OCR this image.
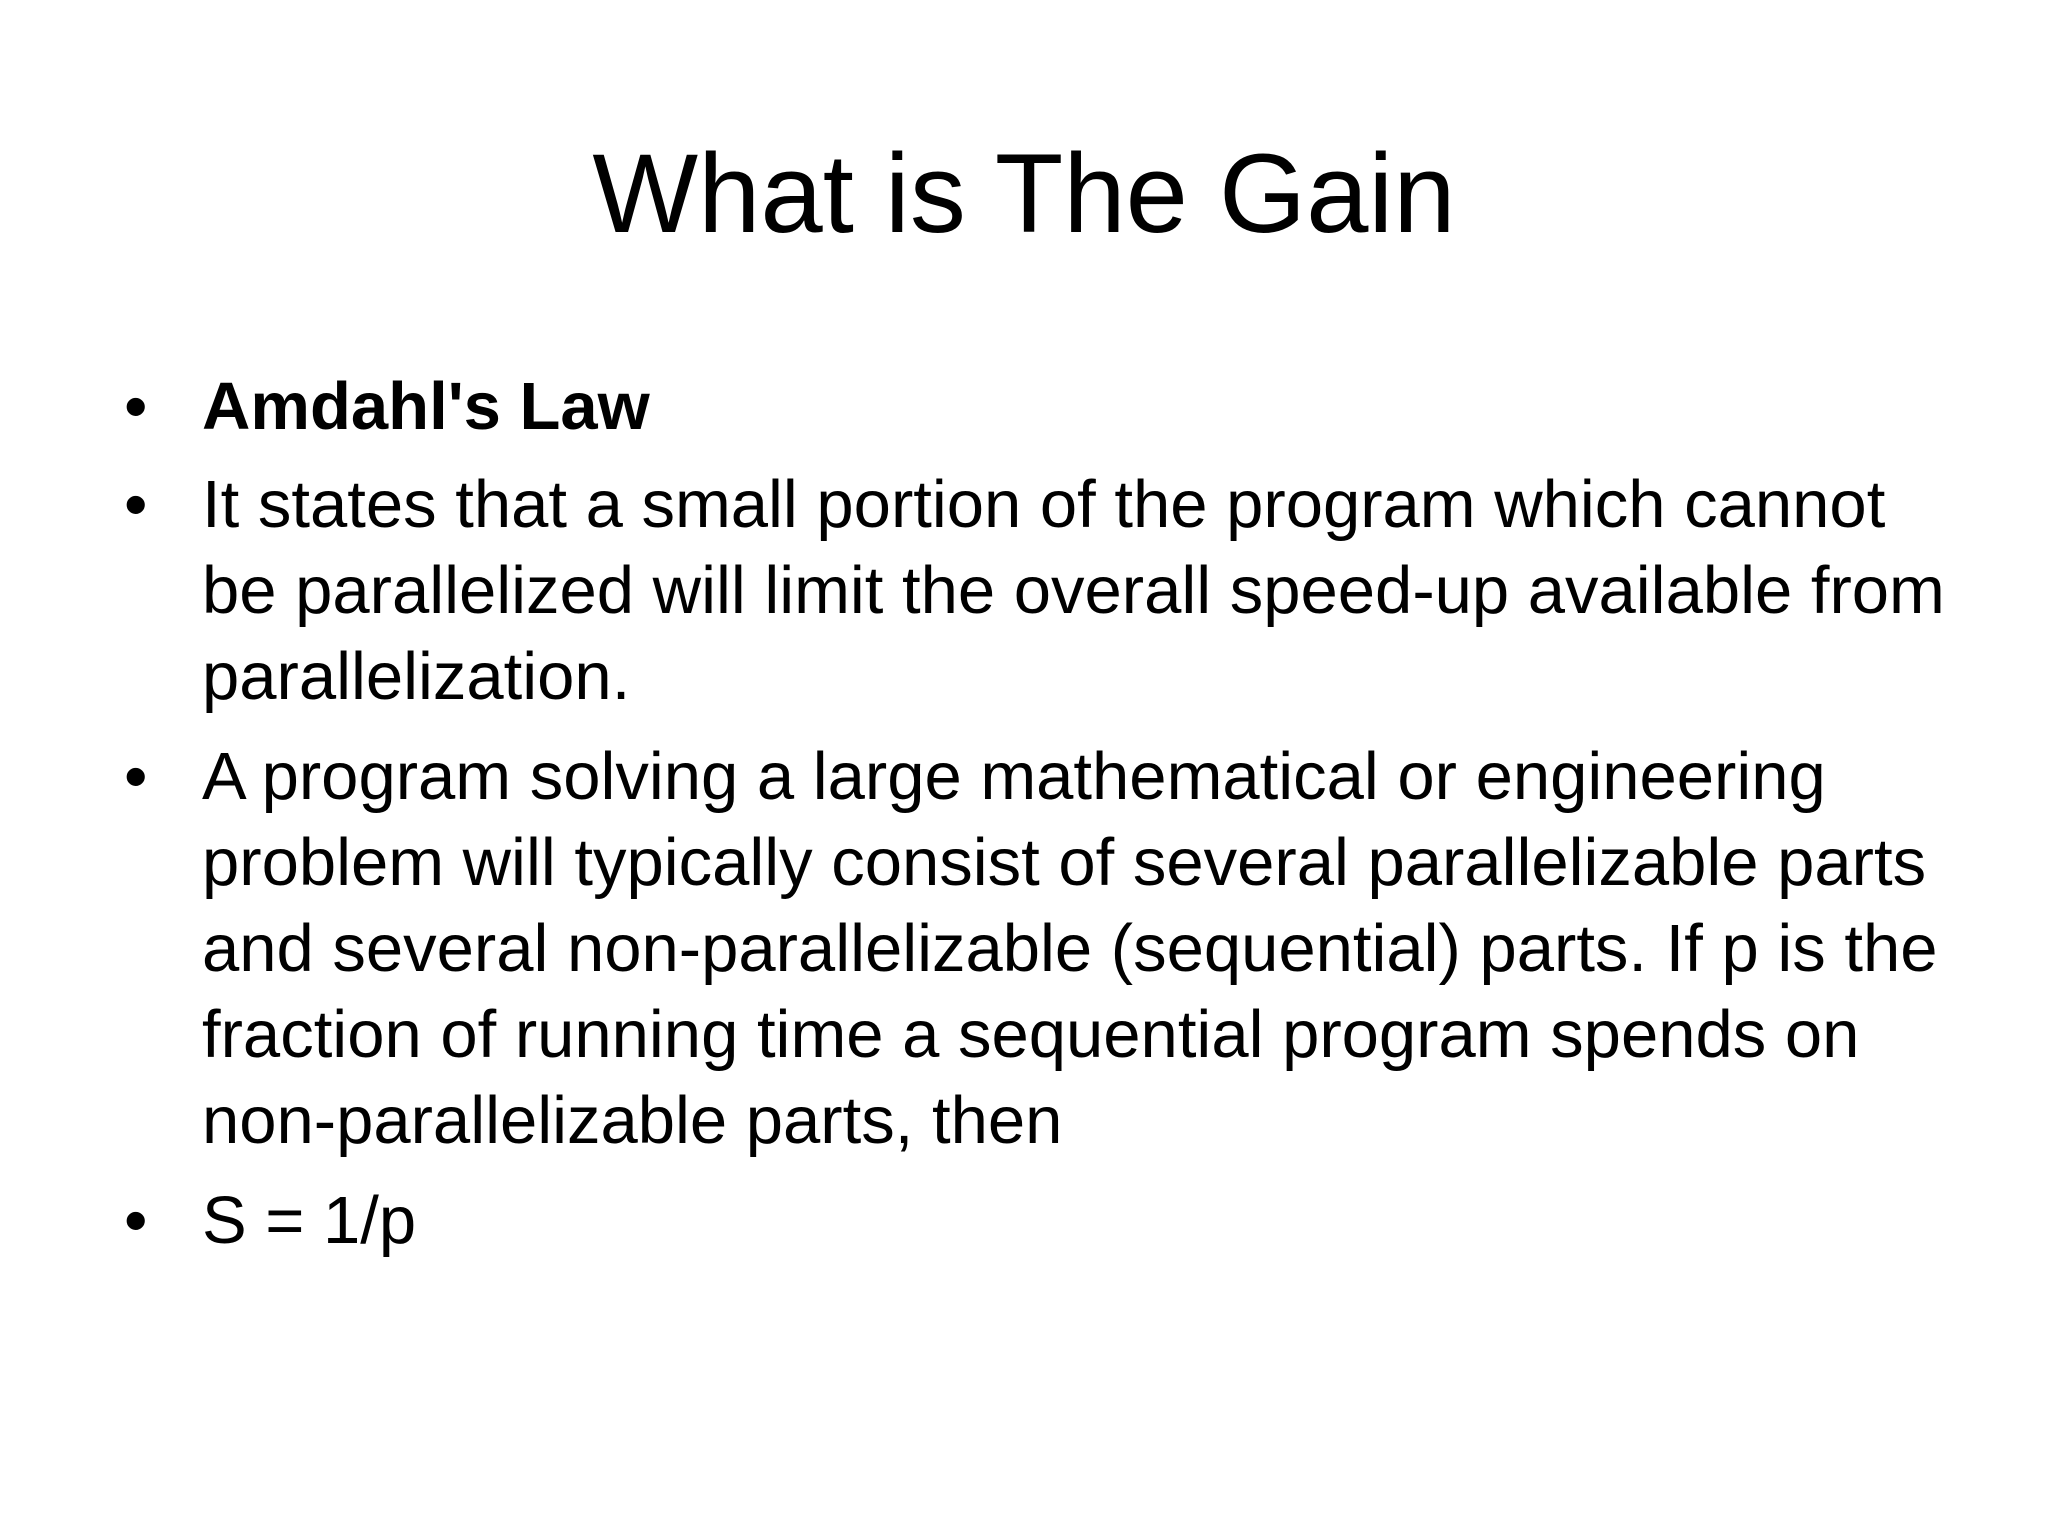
What is The Gain
• Amdahl's Law
• It states that a small portion of the program which cannot be parallelized will limit the overall speed-up available from parallelization.
• A program solving a large mathematical or engineering problem will typically consist of several parallelizable parts and several non-parallelizable (sequential) parts. If p is the fraction of running time a sequential program spends on non-parallelizable parts, then
• S = 1/p
